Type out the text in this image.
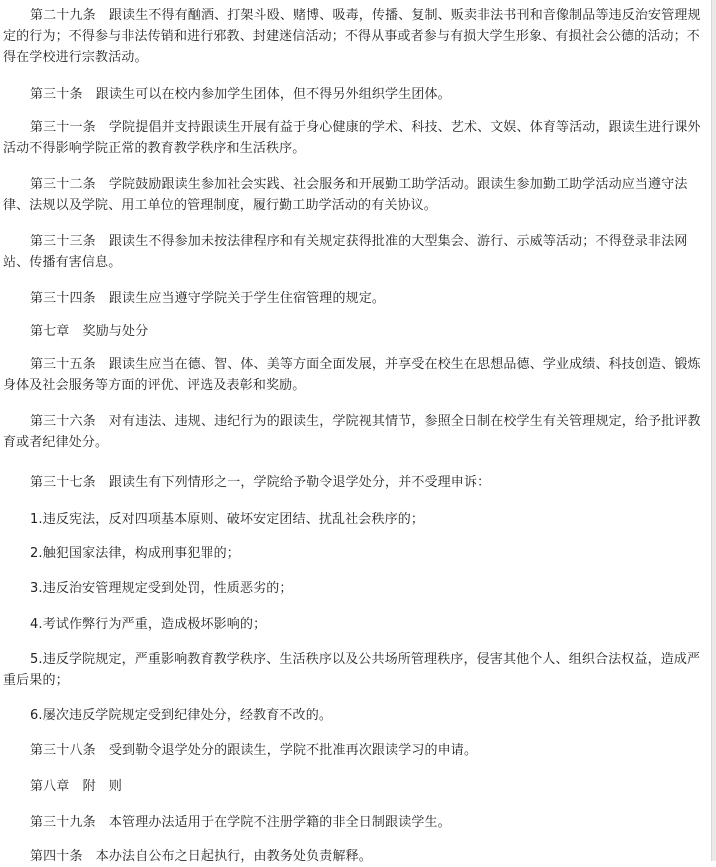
第二十九条　跟读生不得有酗酒、打架斗殴、赌博、吸毒，传播、复制、贩卖非法书刊和音像制品等违反治安管理规定的行为；不得参与非法传销和进行邪教、封建迷信活动；不得从事或者参与有损大学生形象、有损社会公德的活动；不得在学校进行宗教活动。

第三十条　跟读生可以在校内参加学生团体，但不得另外组织学生团体。

第三十一条　学院提倡并支持跟读生开展有益于身心健康的学术、科技、艺术、文娱、体育等活动，跟读生进行课外活动不得影响学院正常的教育教学秩序和生活秩序。

第三十二条　学院鼓励跟读生参加社会实践、社会服务和开展勤工助学活动。跟读生参加勤工助学活动应当遵守法律、法规以及学院、用工单位的管理制度，履行勤工助学活动的有关协议。

第三十三条　跟读生不得参加未按法律程序和有关规定获得批准的大型集会、游行、示威等活动；不得登录非法网站、传播有害信息。

第三十四条　跟读生应当遵守学院关于学生住宿管理的规定。

第七章　奖励与处分

第三十五条　跟读生应当在德、智、体、美等方面全面发展，并享受在校生在思想品德、学业成绩、科技创造、锻炼身体及社会服务等方面的评优、评选及表彰和奖励。

第三十六条　对有违法、违规、违纪行为的跟读生，学院视其情节，参照全日制在校学生有关管理规定，给予批评教育或者纪律处分。

第三十七条　跟读生有下列情形之一，学院给予勒令退学处分，并不受理申诉：

1.违反宪法，反对四项基本原则、破坏安定团结、扰乱社会秩序的；

2.触犯国家法律，构成刑事犯罪的；

3.违反治安管理规定受到处罚，性质恶劣的；

4.考试作弊行为严重，造成极坏影响的；

5.违反学院规定，严重影响教育教学秩序、生活秩序以及公共场所管理秩序，侵害其他个人、组织合法权益，造成严重后果的；

6.屡次违反学院规定受到纪律处分，经教育不改的。

第三十八条　受到勒令退学处分的跟读生，学院不批准再次跟读学习的申请。

第八章　附　则

第三十九条　本管理办法适用于在学院不注册学籍的非全日制跟读学生。

第四十条　本办法自公布之日起执行，由教务处负责解释。
